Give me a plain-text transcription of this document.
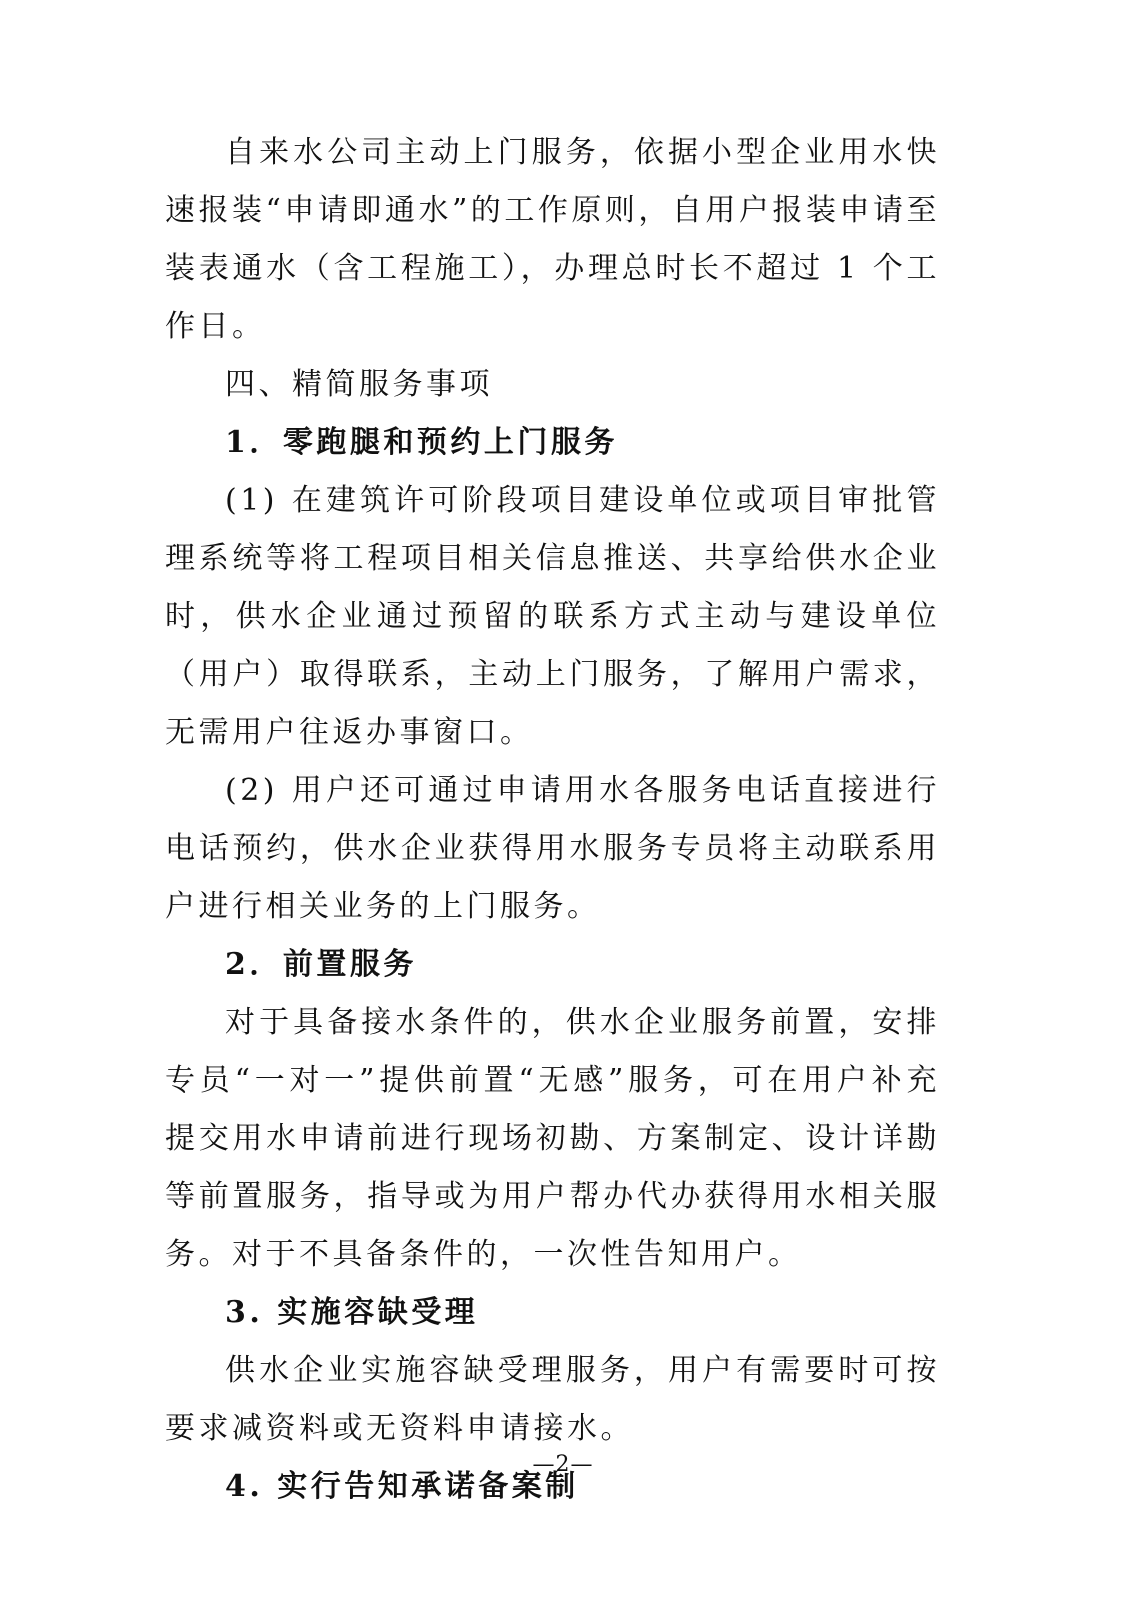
自来水公司主动上门服务，依据小型企业用水快速报装“申请即通水”的工作原则，自用户报装申请至装表通水（含工程施工），办理总时长不超过 1 个工作日。

四、精简服务事项

1．零跑腿和预约上门服务

(1) 在建筑许可阶段项目建设单位或项目审批管理系统等将工程项目相关信息推送、共享给供水企业时，供水企业通过预留的联系方式主动与建设单位（用户）取得联系，主动上门服务，了解用户需求，无需用户往返办事窗口。

(2) 用户还可通过申请用水各服务电话直接进行电话预约，供水企业获得用水服务专员将主动联系用户进行相关业务的上门服务。

2．前置服务

对于具备接水条件的，供水企业服务前置，安排专员“一对一”提供前置“无感”服务，可在用户补充提交用水申请前进行现场初勘、方案制定、设计详勘等前置服务，指导或为用户帮办代办获得用水相关服务。对于不具备条件的，一次性告知用户。

3. 实施容缺受理

供水企业实施容缺受理服务，用户有需要时可按要求减资料或无资料申请接水。

4. 实行告知承诺备案制

—2—
